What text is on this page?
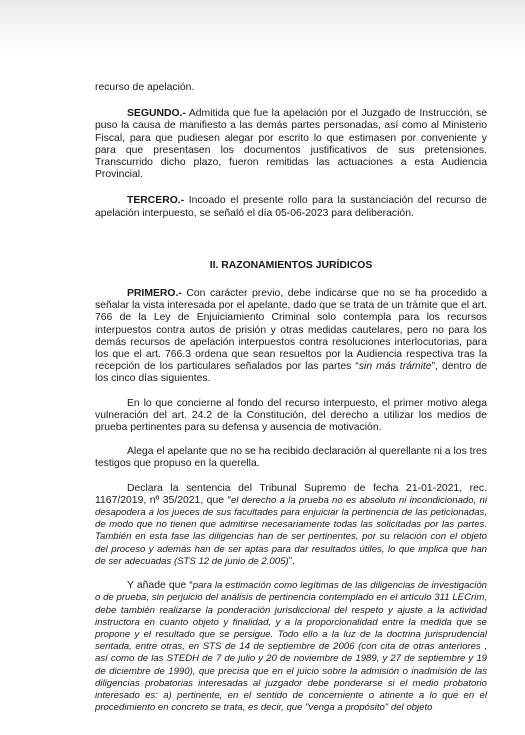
recurso de apelación.

SEGUNDO.- Admitida que fue la apelación por el Juzgado de Instrucción, se puso la causa de manifiesto a las demás partes personadas, así como al Ministerio Fiscal, para que pudiesen alegar por escrito lo que estimasen por conveniente y para que presentasen los documentos justificativos de sus pretensiones. Transcurrido dicho plazo, fueron remitidas las actuaciones a esta Audiencia Provincial.

TERCERO.- Incoado el presente rollo para la sustanciación del recurso de apelación interpuesto, se señaló el día 05-06-2023 para deliberación.

II. RAZONAMIENTOS JURÍDICOS

PRIMERO.- Con carácter previo, debe indicarse que no se ha procedido a señalar la vista interesada por el apelante, dado que se trata de un trámite que el art. 766 de la Ley de Enjuiciamiento Criminal solo contempla para los recursos interpuestos contra autos de prisión y otras medidas cautelares, pero no para los demás recursos de apelación interpuestos contra resoluciones interlocutorias, para los que el art. 766.3 ordena que sean resueltos por la Audiencia respectiva tras la recepción de los particulares señalados por las partes “sin más trámite”, dentro de los cinco días siguientes.

En lo que concierne al fondo del recurso interpuesto, el primer motivo alega vulneración del art. 24.2 de la Constitución, del derecho a utilizar los medios de prueba pertinentes para su defensa y ausencia de motivación.

Alega el apelante que no se ha recibido declaración al querellante ni a los tres testigos que propuso en la querella.

Declara la sentencia del Tribunal Supremo de fecha 21-01-2021, rec. 1167/2019, nº 35/2021, que “el derecho a la prueba no es absoluto ni incondicionado, ni desapodera a los jueces de sus facultades para enjuiciar la pertinencia de las peticionadas, de modo que no tienen que admitirse necesariamente todas las solicitadas por las partes. También en esta fase las diligencias han de ser pertinentes, por su relación con el objeto del proceso y además han de ser aptas para dar resultados útiles, lo que implica que han de ser adecuadas (STS 12 de junio de 2.005)”.

Y añade que “para la estimación como legítimas de las diligencias de investigación o de prueba, sin perjuicio del análisis de pertinencia contemplado en el artículo 311 LECrim, debe también realizarse la ponderación jurisdiccional del respeto y ajuste a la actividad instructora en cuanto objeto y finalidad, y a la proporcionalidad entre la medida que se propone y el resultado que se persigue. Todo ello a la luz de la doctrina jurisprudencial sentada, entre otras, en STS de 14 de septiembre de 2006 (con cita de otras anteriores , así como de las STEDH de 7 de julio y 20 de noviembre de 1989, y 27 de septiembre y 19 de diciembre de 1990), que precisa que en el juicio sobre la admisión o inadmisión de las diligencias probatorias interesadas al juzgador debe ponderarse si el medio probatorio interesado es: a) pertinente, en el sentido de concerniente o atinente a lo que en el procedimiento en concreto se trata, es decir, que "venga a propósito" del objeto
